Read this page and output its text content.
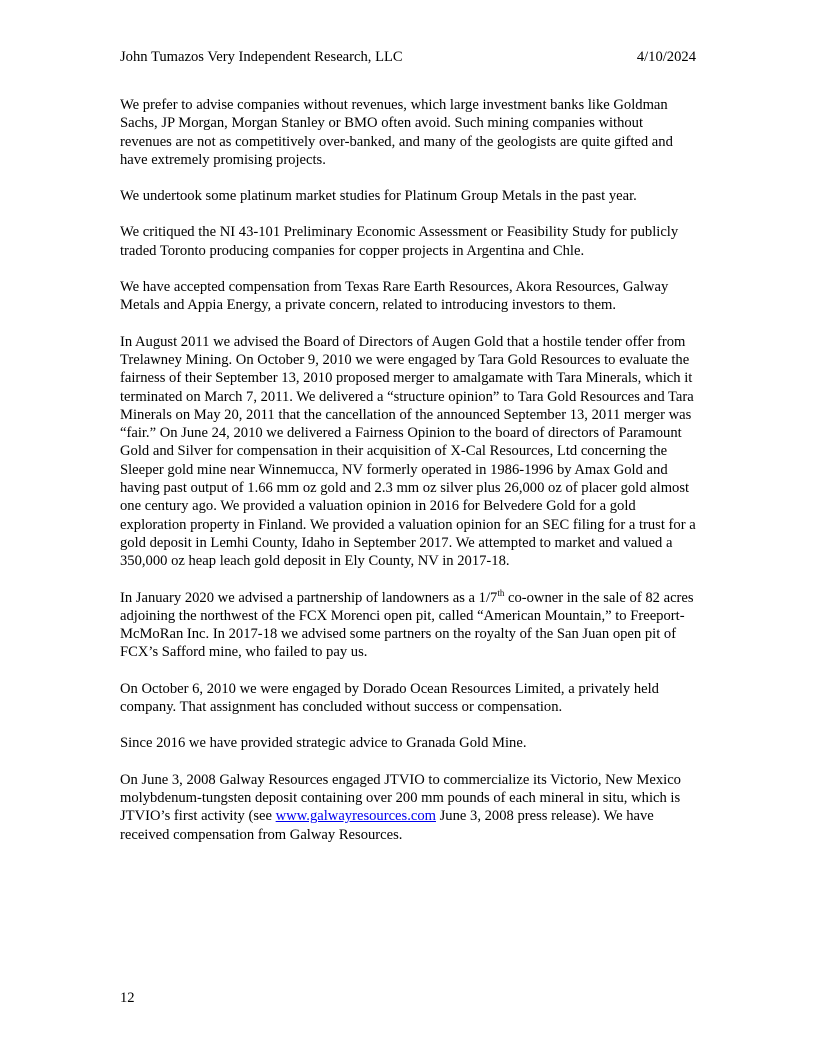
John Tumazos Very Independent Research, LLC	4/10/2024

We prefer to advise companies without revenues, which large investment banks like Goldman Sachs, JP Morgan, Morgan Stanley or BMO often avoid. Such mining companies without revenues are not as competitively over-banked, and many of the geologists are quite gifted and have extremely promising projects.

We undertook some platinum market studies for Platinum Group Metals in the past year.

We critiqued the NI 43-101 Preliminary Economic Assessment or Feasibility Study for publicly traded Toronto producing companies for copper projects in Argentina and Chle.

We have accepted compensation from Texas Rare Earth Resources, Akora Resources, Galway Metals and Appia Energy, a private concern, related to introducing investors to them.

In August 2011 we advised the Board of Directors of Augen Gold that a hostile tender offer from Trelawney Mining. On October 9, 2010 we were engaged by Tara Gold Resources to evaluate the fairness of their September 13, 2010 proposed merger to amalgamate with Tara Minerals, which it terminated on March 7, 2011. We delivered a “structure opinion” to Tara Gold Resources and Tara Minerals on May 20, 2011 that the cancellation of the announced September 13, 2011 merger was “fair.” On June 24, 2010 we delivered a Fairness Opinion to the board of directors of Paramount Gold and Silver for compensation in their acquisition of X-Cal Resources, Ltd concerning the Sleeper gold mine near Winnemucca, NV formerly operated in 1986-1996 by Amax Gold and having past output of 1.66 mm oz gold and 2.3 mm oz silver plus 26,000 oz of placer gold almost one century ago. We provided a valuation opinion in 2016 for Belvedere Gold for a gold exploration property in Finland. We provided a valuation opinion for an SEC filing for a trust for a gold deposit in Lemhi County, Idaho in September 2017. We attempted to market and valued a 350,000 oz heap leach gold deposit in Ely County, NV in 2017-18.

In January 2020 we advised a partnership of landowners as a 1/7th co-owner in the sale of 82 acres adjoining the northwest of the FCX Morenci open pit, called “American Mountain,” to Freeport-McMoRan Inc. In 2017-18 we advised some partners on the royalty of the San Juan open pit of FCX’s Safford mine, who failed to pay us.

On October 6, 2010 we were engaged by Dorado Ocean Resources Limited, a privately held company. That assignment has concluded without success or compensation.

Since 2016 we have provided strategic advice to Granada Gold Mine.

On June 3, 2008 Galway Resources engaged JTVIO to commercialize its Victorio, New Mexico molybdenum-tungsten deposit containing over 200 mm pounds of each mineral in situ, which is JTVIO’s first activity (see www.galwayresources.com June 3, 2008 press release). We have received compensation from Galway Resources.

12
